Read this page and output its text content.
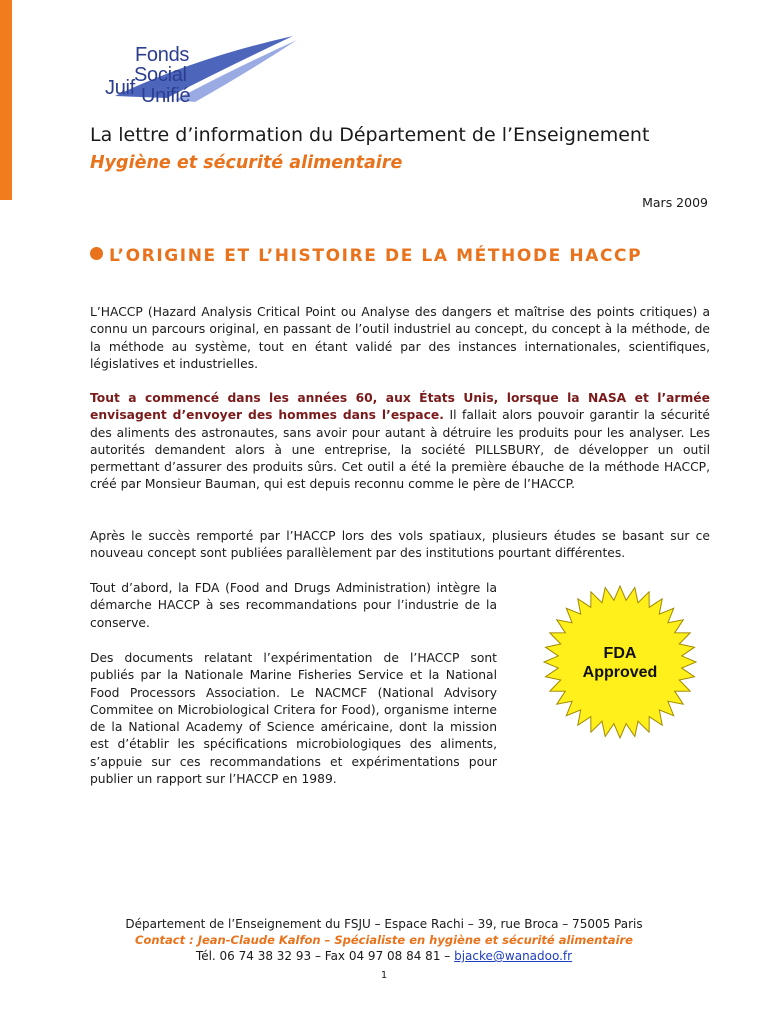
Fonds
Social
Juif Unifié
La lettre d’information du Département de l’Enseignement
Hygiène et sécurité alimentaire
Mars 2009
L’ORIGINE ET L’HISTOIRE DE LA MÉTHODE HACCP

L’HACCP (Hazard Analysis Critical Point ou Analyse des dangers et maîtrise des points critiques) a connu un parcours original, en passant de l’outil industriel au concept, du concept à la méthode, de la méthode au système, tout en étant validé par des instances internationales, scientifiques, législatives et industrielles.

Tout a commencé dans les années 60, aux États Unis, lorsque la NASA et l’armée envisagent d’envoyer des hommes dans l’espace. Il fallait alors pouvoir garantir la sécurité des aliments des astronautes, sans avoir pour autant à détruire les produits pour les analyser. Les autorités demandent alors à une entreprise, la société PILLSBURY, de développer un outil permettant d’assurer des produits sûrs. Cet outil a été la première ébauche de la méthode HACCP, créé par Monsieur Bauman, qui est depuis reconnu comme le père de l’HACCP.

Après le succès remporté par l’HACCP lors des vols spatiaux, plusieurs études se basant sur ce nouveau concept sont publiées parallèlement par des institutions pourtant différentes.

Tout d’abord, la FDA (Food and Drugs Administration) intègre la démarche HACCP à ses recommandations pour l’industrie de la conserve.

Des documents relatant l’expérimentation de l’HACCP sont publiés par la Nationale Marine Fisheries Service et la National Food Processors Association. Le NACMCF (National Advisory Commitee on Microbiological Critera for Food), organisme interne de la National Academy of Science américaine, dont la mission est d’établir les spécifications microbiologiques des aliments, s’appuie sur ces recommandations et expérimentations pour publier un rapport sur l’HACCP en 1989.

FDA
Approved
Département de l’Enseignement du FSJU – Espace Rachi – 39, rue Broca – 75005 Paris
Contact : Jean-Claude Kalfon – Spécialiste en hygiène et sécurité alimentaire
Tél. 06 74 38 32 93 – Fax 04 97 08 84 81 – bjacke@wanadoo.fr
1
